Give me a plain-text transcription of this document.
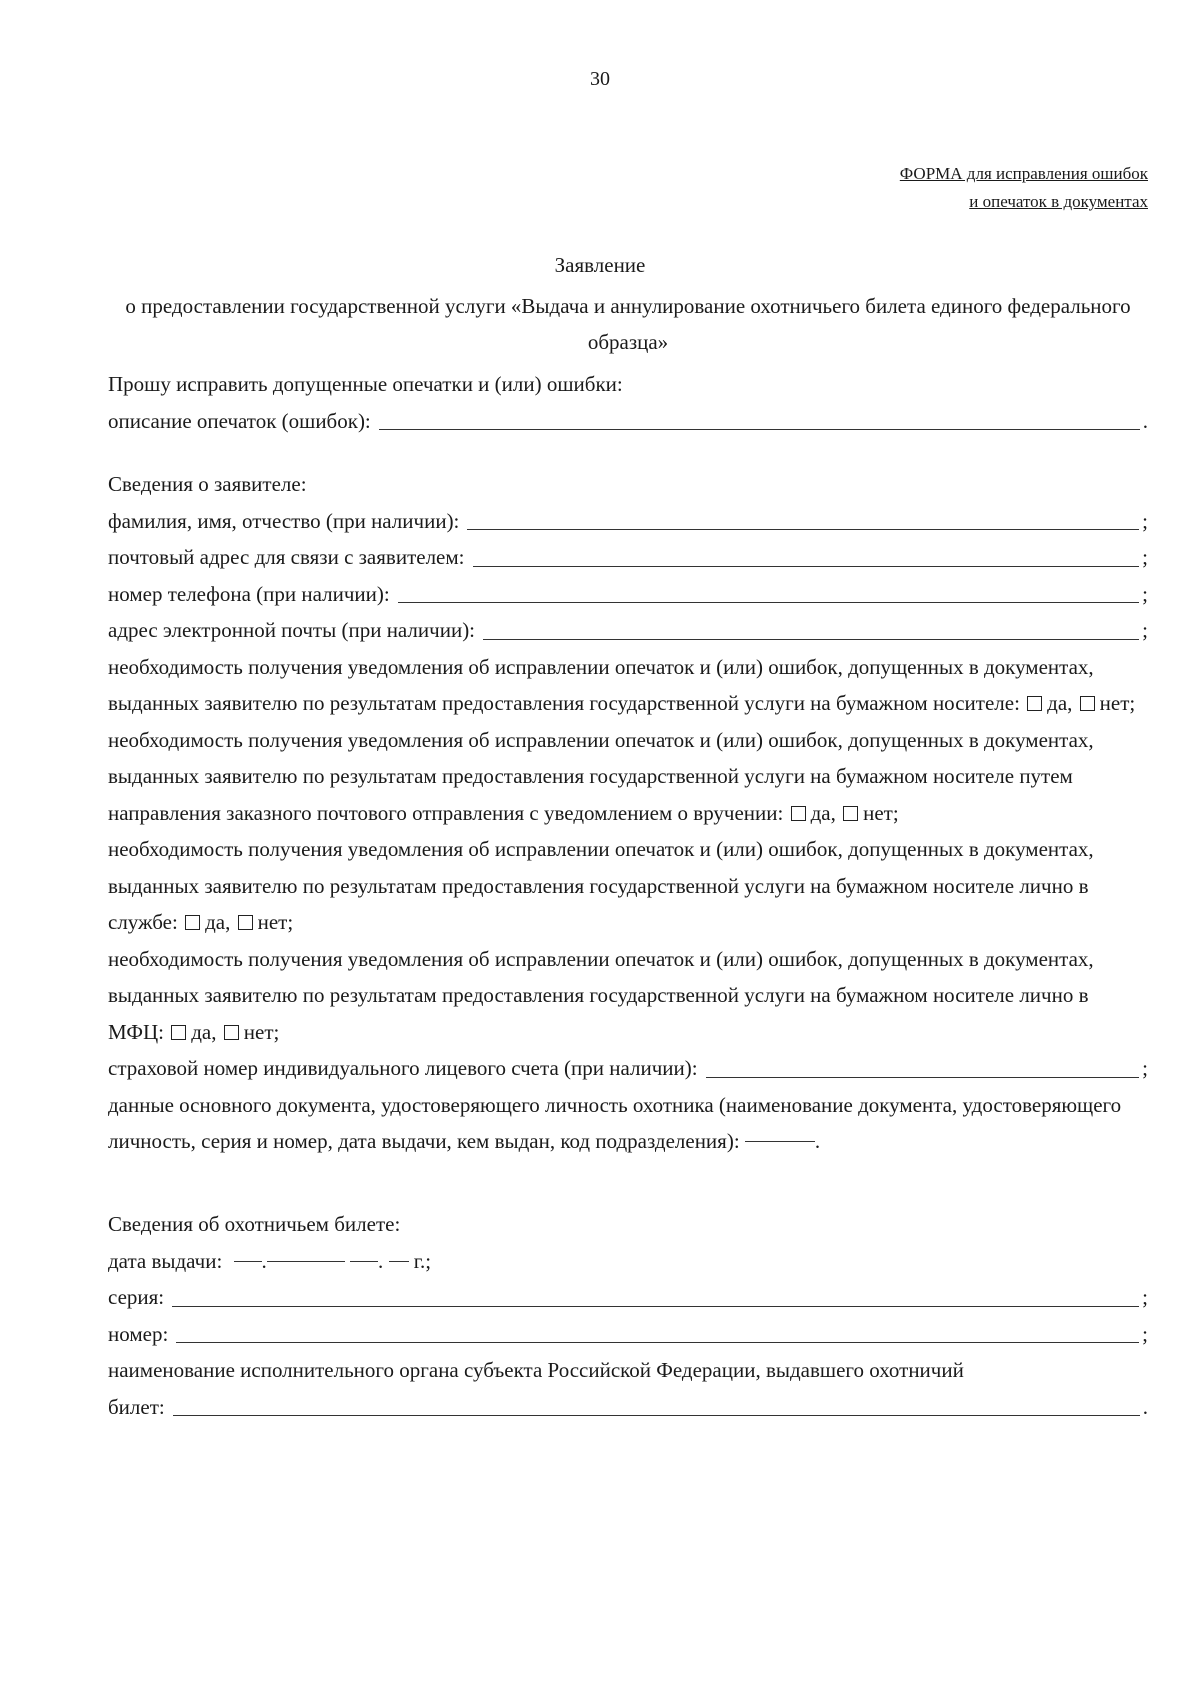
30
ФОРМА для исправления ошибок
и опечаток в документах
Заявление
о предоставлении государственной услуги «Выдача и аннулирование охотничьего билета единого федерального образца»
Прошу исправить допущенные опечатки и (или) ошибки:
описание опечаток (ошибок):	.
Сведения о заявителе:
фамилия, имя, отчество (при наличии):	;
почтовый адрес для связи с заявителем:	;
номер телефона (при наличии):	;
адрес электронной почты (при наличии):	;
необходимость получения уведомления об исправлении опечаток и (или) ошибок, допущенных в документах, выданных заявителю по результатам предоставления государственной услуги на бумажном носителе: да, нет;
необходимость получения уведомления об исправлении опечаток и (или) ошибок, допущенных в документах, выданных заявителю по результатам предоставления государственной услуги на бумажном носителе путем направления заказного почтового отправления с уведомлением о вручении: да, нет;
необходимость получения уведомления об исправлении опечаток и (или) ошибок, допущенных в документах, выданных заявителю по результатам предоставления государственной услуги на бумажном носителе лично в службе: да, нет;
необходимость получения уведомления об исправлении опечаток и (или) ошибок, допущенных в документах, выданных заявителю по результатам предоставления государственной услуги на бумажном носителе лично в МФЦ: да, нет;
страховой номер индивидуального лицевого счета (при наличии):	;
данные основного документа, удостоверяющего личность охотника (наименование документа, удостоверяющего личность, серия и номер, дата выдачи, кем выдан, код подразделения):	.
Сведения об охотничьем билете:
дата выдачи: .	. г.;
серия:	;
номер:	;
наименование исполнительного органа субъекта Российской Федерации, выдавшего охотничий
билет:	.
